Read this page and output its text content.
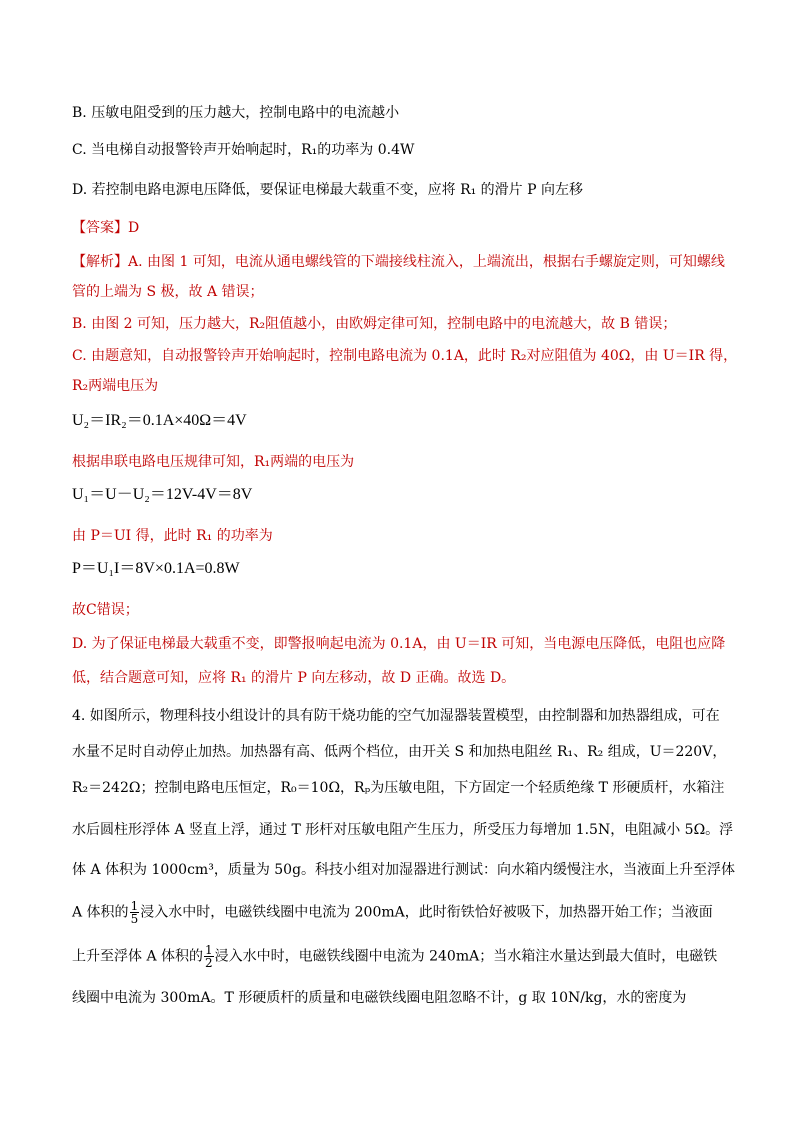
B. 压敏电阻受到的压力越大，控制电路中的电流越小
C. 当电梯自动报警铃声开始响起时，R₁的功率为 0.4W
D. 若控制电路电源电压降低，要保证电梯最大载重不变，应将 R₁ 的滑片 P 向左移
【答案】D
【解析】A. 由图 1 可知，电流从通电螺线管的下端接线柱流入，上端流出，根据右手螺旋定则，可知螺线
管的上端为 S 极，故 A 错误；
B. 由图 2 可知，压力越大，R₂阻值越小，由欧姆定律可知，控制电路中的电流越大，故 B 错误；
C. 由题意知，自动报警铃声开始响起时，控制电路电流为 0.1A，此时 R₂对应阻值为 40Ω，由 U＝IR 得，
R₂两端电压为
U₂＝IR₂＝0.1A×40Ω＝4V
根据串联电路电压规律可知，R₁两端的电压为
U₁＝U－U₂＝12V-4V＝8V
由 P＝UI 得，此时 R₁ 的功率为
P＝U₁I＝8V×0.1A=0.8W
故C错误；
D. 为了保证电梯最大载重不变，即警报响起电流为 0.1A，由 U＝IR 可知，当电源电压降低，电阻也应降
低，结合题意可知，应将 R₁ 的滑片 P 向左移动，故 D 正确。故选 D。
4. 如图所示，物理科技小组设计的具有防干烧功能的空气加湿器装置模型，由控制器和加热器组成，可在
水量不足时自动停止加热。加热器有高、低两个档位，由开关 S 和加热电阻丝 R₁、R₂ 组成，U＝220V，
R₂＝242Ω；控制电路电压恒定，R₀＝10Ω，Rₚ为压敏电阻，下方固定一个轻质绝缘 T 形硬质杆，水箱注
水后圆柱形浮体 A 竖直上浮，通过 T 形杆对压敏电阻产生压力，所受压力每增加 1.5N，电阻减小 5Ω。浮
体 A 体积为 1000cm³，质量为 50g。科技小组对加湿器进行测试：向水箱内缓慢注水，当液面上升至浮体
A 体积的 $\frac{1}{5}$ 浸入水中时，电磁铁线圈中电流为 200mA，此时衔铁恰好被吸下，加热器开始工作；当液面
上升至浮体 A 体积的 $\frac{1}{2}$ 浸入水中时，电磁铁线圈中电流为 240mA；当水箱注水量达到最大值时，电磁铁
线圈中电流为 300mA。T 形硬质杆的质量和电磁铁线圈电阻忽略不计，g 取 10N/kg，水的密度为
